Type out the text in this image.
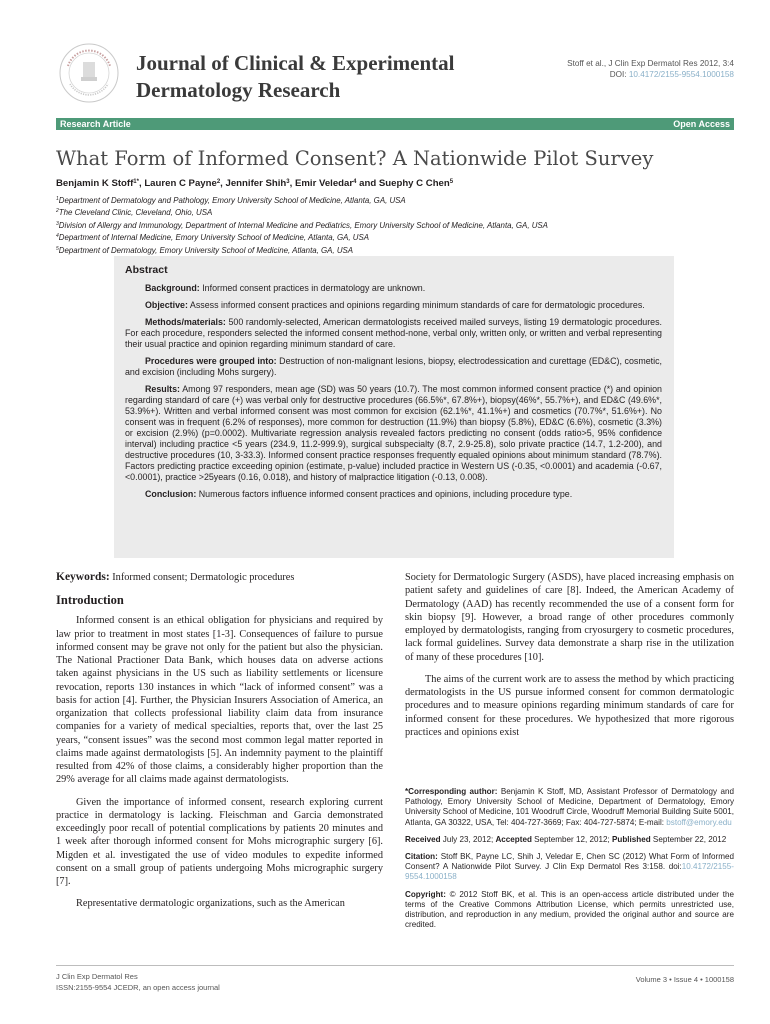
Journal of Clinical & Experimental Dermatology Research
Stoff et al., J Clin Exp Dermatol Res 2012, 3:4
DOI: 10.4172/2155-9554.1000158
Research Article	Open Access
What Form of Informed Consent? A Nationwide Pilot Survey
Benjamin K Stoff$^{1*}$, Lauren C Payne$^2$, Jennifer Shih$^3$, Emir Veledar$^4$ and Suephy C Chen$^5$
$^1$Department of Dermatology and Pathology, Emory University School of Medicine, Atlanta, GA, USA
$^2$The Cleveland Clinic, Cleveland, Ohio, USA
$^3$Division of Allergy and Immunology, Department of Internal Medicine and Pediatrics, Emory University School of Medicine, Atlanta, GA, USA
$^4$Department of Internal Medicine, Emory University School of Medicine, Atlanta, GA, USA
$^5$Department of Dermatology, Emory University School of Medicine, Atlanta, GA, USA
Abstract

Background: Informed consent practices in dermatology are unknown.

Objective: Assess informed consent practices and opinions regarding minimum standards of care for dermatologic procedures.

Methods/materials: 500 randomly-selected, American dermatologists received mailed surveys, listing 19 dermatologic procedures. For each procedure, responders selected the informed consent method-none, verbal only, written only, or written and verbal representing their usual practice and opinion regarding minimum standard of care.

Procedures were grouped into: Destruction of non-malignant lesions, biopsy, electrodessication and curettage (ED&C), cosmetic, and excision (including Mohs surgery).

Results: Among 97 responders, mean age (SD) was 50 years (10.7). The most common informed consent practice (*) and opinion regarding standard of care (+) was verbal only for destructive procedures (66.5%*, 67.8%+), biopsy(46%*, 55.7%+), and ED&C (49.6%*, 53.9%+). Written and verbal informed consent was most common for excision (62.1%*, 41.1%+) and cosmetics (70.7%*, 51.6%+). No consent was in frequent (6.2% of responses), more common for destruction (11.9%) than biopsy (5.8%), ED&C (6.6%), cosmetic (3.3%) or excision (2.9%) (p=0.0002). Multivariate regression analysis revealed factors predicting no consent (odds ratio>5, 95% confidence interval) including practice <5 years (234.9, 11.2-999.9), surgical subspecialty (8.7, 2.9-25.8), solo private practice (14.7, 1.2-200), and destructive procedures (10, 3-33.3). Informed consent practice responses frequently equaled opinions about minimum standard (78.7%). Factors predicting practice exceeding opinion (estimate, p-value) included practice in Western US (-0.35, <0.0001) and academia (-0.67, <0.0001), practice >25years (0.16, 0.018), and history of malpractice litigation (-0.13, 0.008).

Conclusion: Numerous factors influence informed consent practices and opinions, including procedure type.

Keywords: Informed consent; Dermatologic procedures
Introduction

Informed consent is an ethical obligation for physicians and required by law prior to treatment in most states [1-3]. Consequences of failure to pursue informed consent may be grave not only for the patient but also the physician. The National Practioner Data Bank, which houses data on adverse actions taken against physicians in the US such as liability settlements or licensure revocation, reports 130 instances in which “lack of informed consent” was a basis for action [4]. Further, the Physician Insurers Association of America, an organization that collects professional liability claim data from insurance companies for a variety of medical specialties, reports that, over the last 25 years, “consent issues” was the second most common legal matter reported in claims made against dermatologists [5]. An indemnity payment to the plaintiff resulted from 42% of those claims, a considerably higher proportion than the 29% average for all claims made against dermatologists.

Given the importance of informed consent, research exploring current practice in dermatology is lacking. Fleischman and Garcia demonstrated exceedingly poor recall of potential complications by patients 20 minutes and 1 week after thorough informed consent for Mohs micrographic surgery [6]. Migden et al. investigated the use of video modules to expedite informed consent on a small group of patients undergoing Mohs micrographic surgery [7].

Representative dermatologic organizations, such as the American

Society for Dermatologic Surgery (ASDS), have placed increasing emphasis on patient safety and guidelines of care [8]. Indeed, the American Academy of Dermatology (AAD) has recently recommended the use of a consent form for skin biopsy [9]. However, a broad range of other procedures commonly employed by dermatologists, ranging from cryosurgery to cosmetic procedures, lack formal guidelines. Survey data demonstrate a sharp rise in the utilization of many of these procedures [10].

The aims of the current work are to assess the method by which practicing dermatologists in the US pursue informed consent for common dermatologic procedures and to measure opinions regarding minimum standards of care for informed consent for these procedures. We hypothesized that more rigorous practices and opinions exist

*Corresponding author: Benjamin K Stoff, MD, Assistant Professor of Dermatology and Pathology, Emory University School of Medicine, Department of Dermatology, Emory University School of Medicine, 101 Woodruff Circle, Woodruff Memorial Building Suite 5001, Atlanta, GA 30322, USA, Tel: 404-727-3669; Fax: 404-727-5874; E-mail: bstoff@emory.edu
Received July 23, 2012; Accepted September 12, 2012; Published September 22, 2012
Citation: Stoff BK, Payne LC, Shih J, Veledar E, Chen SC (2012) What Form of Informed Consent? A Nationwide Pilot Survey. J Clin Exp Dermatol Res 3:158. doi:10.4172/2155-9554.1000158
Copyright: © 2012 Stoff BK, et al. This is an open-access article distributed under the terms of the Creative Commons Attribution License, which permits unrestricted use, distribution, and reproduction in any medium, provided the original author and source are credited.
J Clin Exp Dermatol Res
ISSN:2155-9554 JCEDR, an open access journal
Volume 3 • Issue 4 • 1000158
